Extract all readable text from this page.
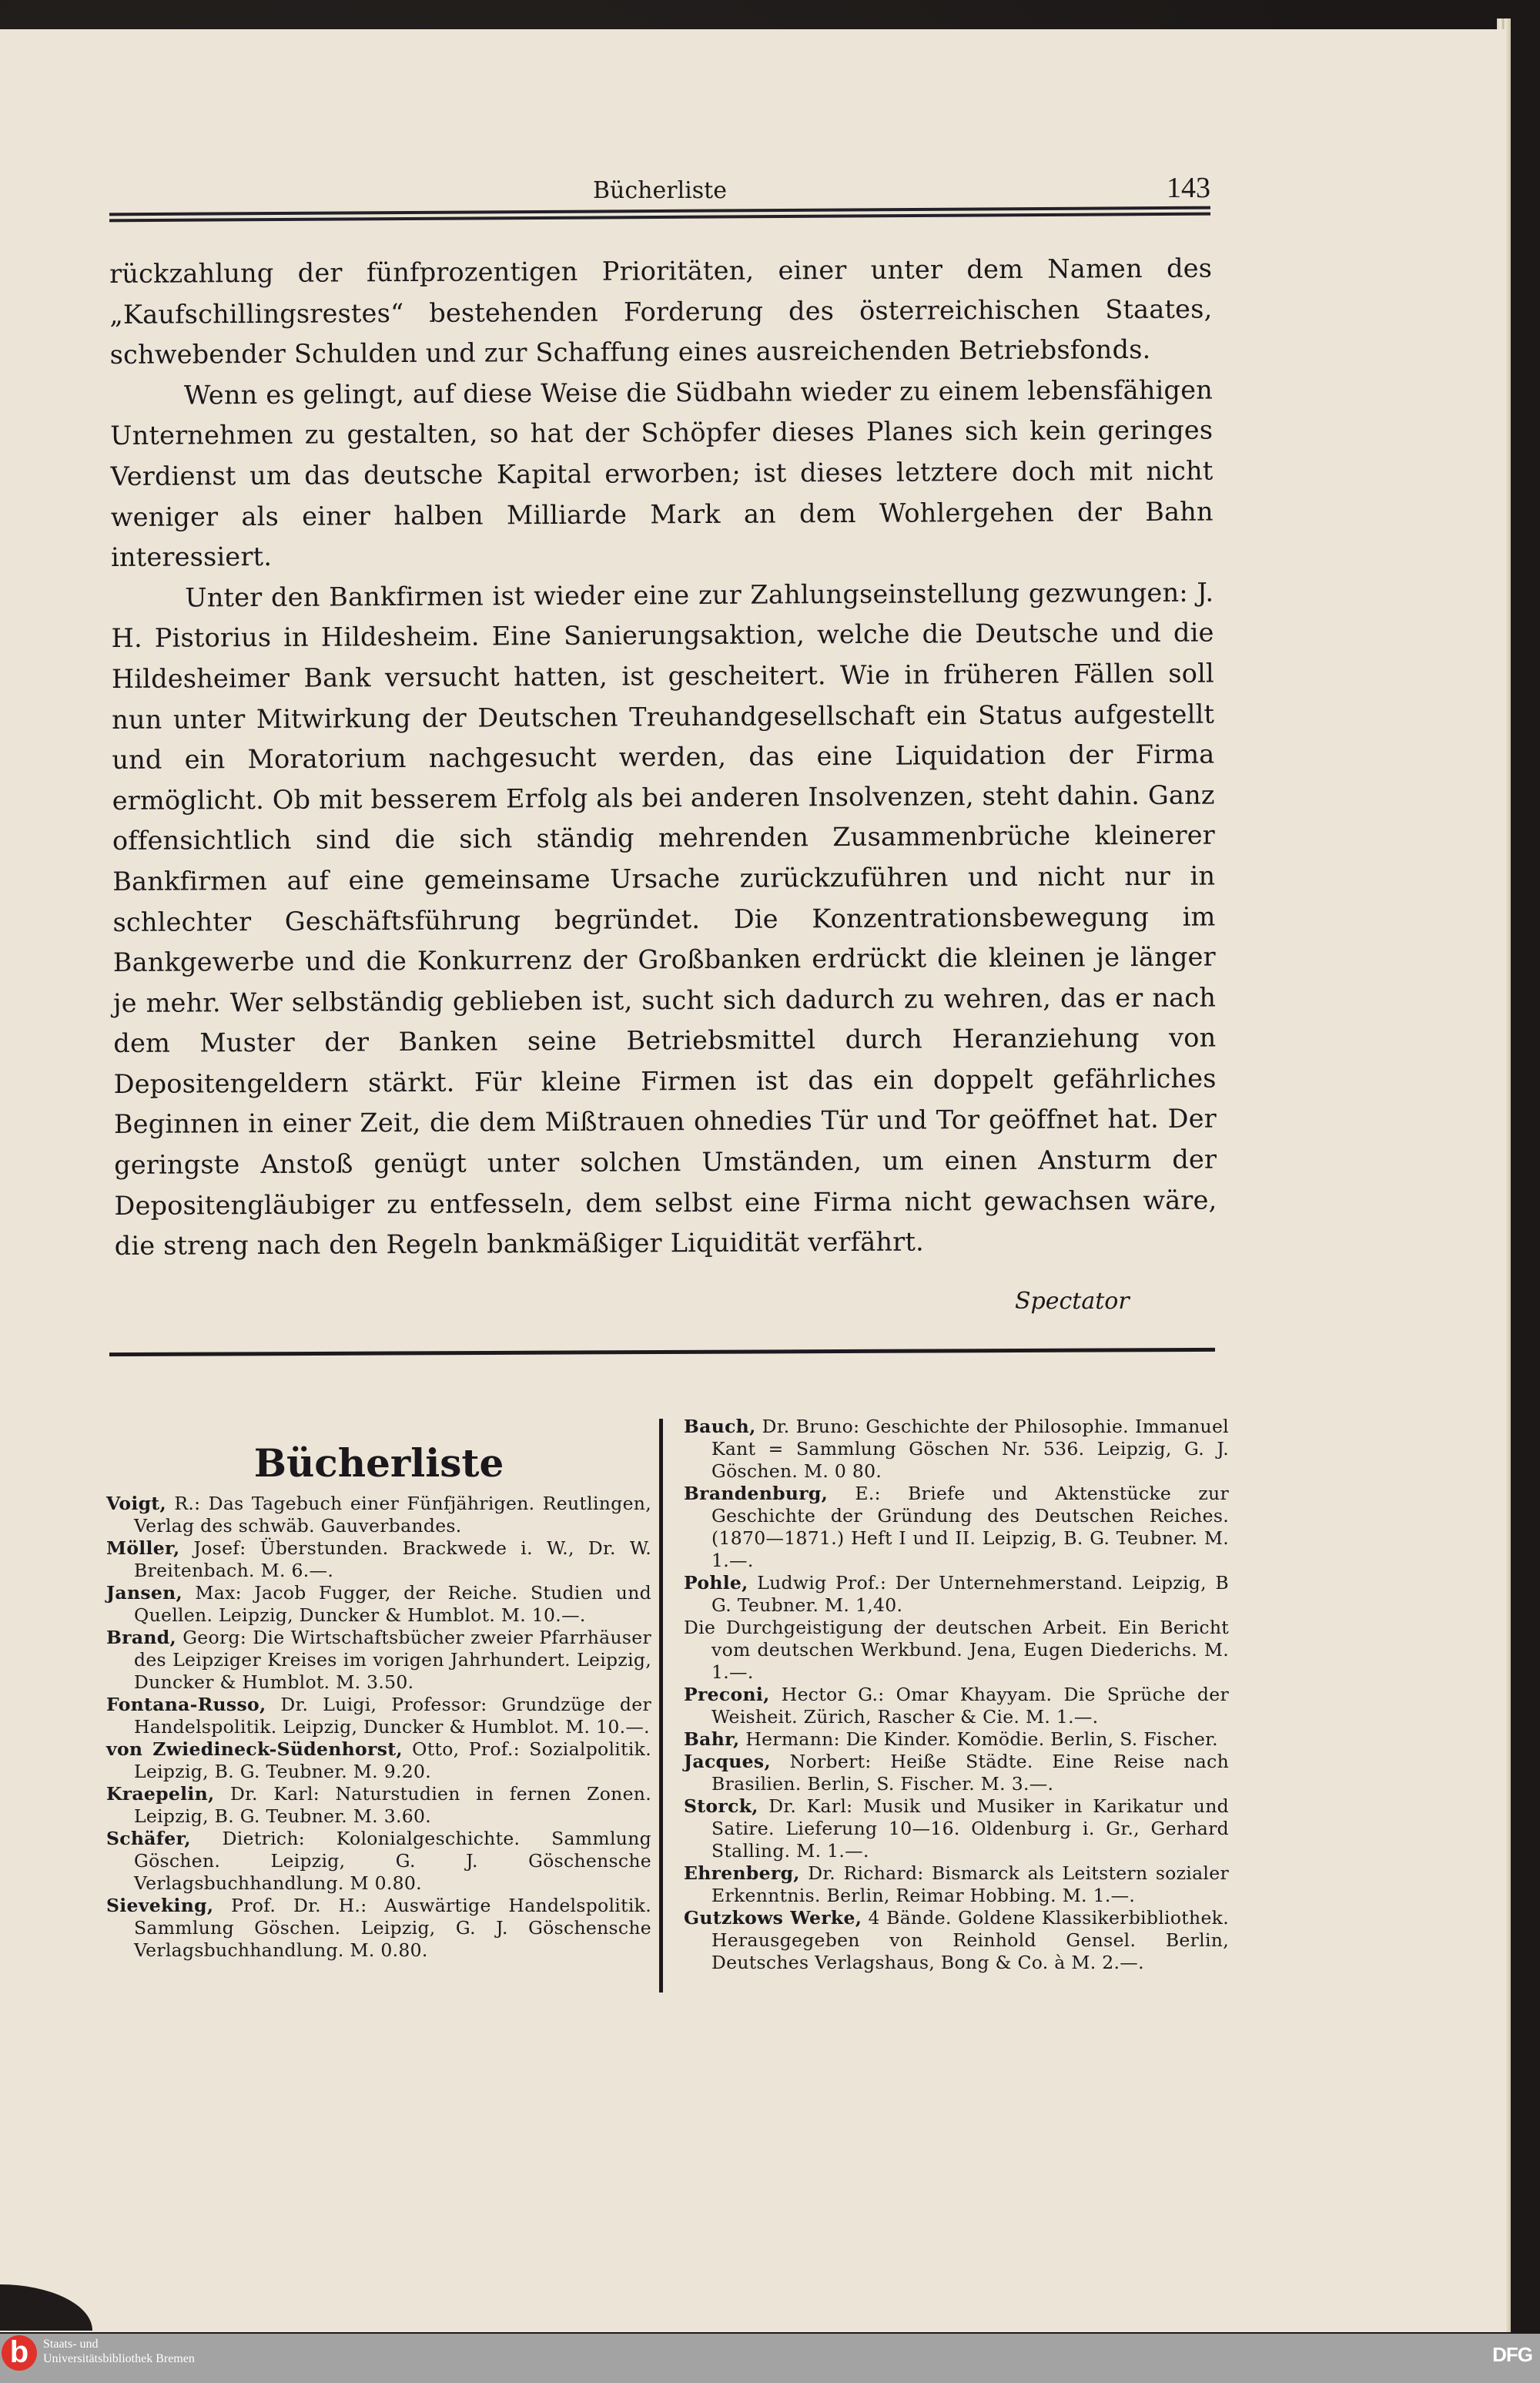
Bücherliste	143

rückzahlung der fünfprozentigen Prioritäten, einer unter dem Namen des „Kaufschillingsrestes“ bestehenden Forderung des österreichischen Staates, schwebender Schulden und zur Schaffung eines ausreichenden Betriebsfonds.

Wenn es gelingt, auf diese Weise die Südbahn wieder zu einem lebensfähigen Unternehmen zu gestalten, so hat der Schöpfer dieses Planes sich kein geringes Verdienst um das deutsche Kapital erworben; ist dieses letztere doch mit nicht weniger als einer halben Milliarde Mark an dem Wohlergehen der Bahn interessiert.

Unter den Bankfirmen ist wieder eine zur Zahlungseinstellung gezwungen: J. H. Pistorius in Hildesheim. Eine Sanierungsaktion, welche die Deutsche und die Hildesheimer Bank versucht hatten, ist gescheitert. Wie in früheren Fällen soll nun unter Mitwirkung der Deutschen Treuhandgesellschaft ein Status aufgestellt und ein Moratorium nachgesucht werden, das eine Liquidation der Firma ermöglicht. Ob mit besserem Erfolg als bei anderen Insolvenzen, steht dahin. Ganz offensichtlich sind die sich ständig mehrenden Zusammenbrüche kleinerer Bankfirmen auf eine gemeinsame Ursache zurückzuführen und nicht nur in schlechter Geschäftsführung begründet. Die Konzentrationsbewegung im Bankgewerbe und die Konkurrenz der Großbanken erdrückt die kleinen je länger je mehr. Wer selbständig geblieben ist, sucht sich dadurch zu wehren, das er nach dem Muster der Banken seine Betriebsmittel durch Heranziehung von Depositengeldern stärkt. Für kleine Firmen ist das ein doppelt gefährliches Beginnen in einer Zeit, die dem Mißtrauen ohnedies Tür und Tor geöffnet hat. Der geringste Anstoß genügt unter solchen Umständen, um einen Ansturm der Depositengläubiger zu entfesseln, dem selbst eine Firma nicht gewachsen wäre, die streng nach den Regeln bankmäßiger Liquidität verfährt.

Spectator
Bücherliste
Voigt, R.: Das Tagebuch einer Fünfjährigen. Reutlingen, Verlag des schwäb. Gauverbandes.
Möller, Josef: Überstunden. Brackwede i. W., Dr. W. Breitenbach. M. 6.—.
Jansen, Max: Jacob Fugger, der Reiche. Studien und Quellen. Leipzig, Duncker & Humblot. M. 10.—.
Brand, Georg: Die Wirtschaftsbücher zweier Pfarrhäuser des Leipziger Kreises im vorigen Jahrhundert. Leipzig, Duncker & Humblot. M. 3.50.
Fontana-Russo, Dr. Luigi, Professor: Grundzüge der Handelspolitik. Leipzig, Duncker & Humblot. M. 10.—.
von Zwiedineck-Südenhorst, Otto, Prof.: Sozialpolitik. Leipzig, B. G. Teubner. M. 9.20.
Kraepelin, Dr. Karl: Naturstudien in fernen Zonen. Leipzig, B. G. Teubner. M. 3.60.
Schäfer, Dietrich: Kolonialgeschichte. Sammlung Göschen. Leipzig, G. J. Göschensche Verlagsbuchhandlung. M 0.80.
Sieveking, Prof. Dr. H.: Auswärtige Handelspolitik. Sammlung Göschen. Leipzig, G. J. Göschensche Verlagsbuchhandlung. M. 0.80.
Bauch, Dr. Bruno: Geschichte der Philosophie. Immanuel Kant = Sammlung Göschen Nr. 536. Leipzig, G. J. Göschen. M. 0 80.
Brandenburg, E.: Briefe und Aktenstücke zur Geschichte der Gründung des Deutschen Reiches. (1870—1871.) Heft I und II. Leipzig, B. G. Teubner. M. 1.—.
Pohle, Ludwig Prof.: Der Unternehmerstand. Leipzig, B G. Teubner. M. 1,40.
Die Durchgeistigung der deutschen Arbeit. Ein Bericht vom deutschen Werkbund. Jena, Eugen Diederichs. M. 1.—.
Preconi, Hector G.: Omar Khayyam. Die Sprüche der Weisheit. Zürich, Rascher & Cie. M. 1.—.
Bahr, Hermann: Die Kinder. Komödie. Berlin, S. Fischer.
Jacques, Norbert: Heiße Städte. Eine Reise nach Brasilien. Berlin, S. Fischer. M. 3.—.
Storck, Dr. Karl: Musik und Musiker in Karikatur und Satire. Lieferung 10—16. Oldenburg i. Gr., Gerhard Stalling. M. 1.—.
Ehrenberg, Dr. Richard: Bismarck als Leitstern sozialer Erkenntnis. Berlin, Reimar Hobbing. M. 1.—.
Gutzkows Werke, 4 Bände. Goldene Klassikerbibliothek. Herausgegeben von Reinhold Gensel. Berlin, Deutsches Verlagshaus, Bong & Co. à M. 2.—.
b	Staats- und
Universitätsbibliothek Bremen	DFG
